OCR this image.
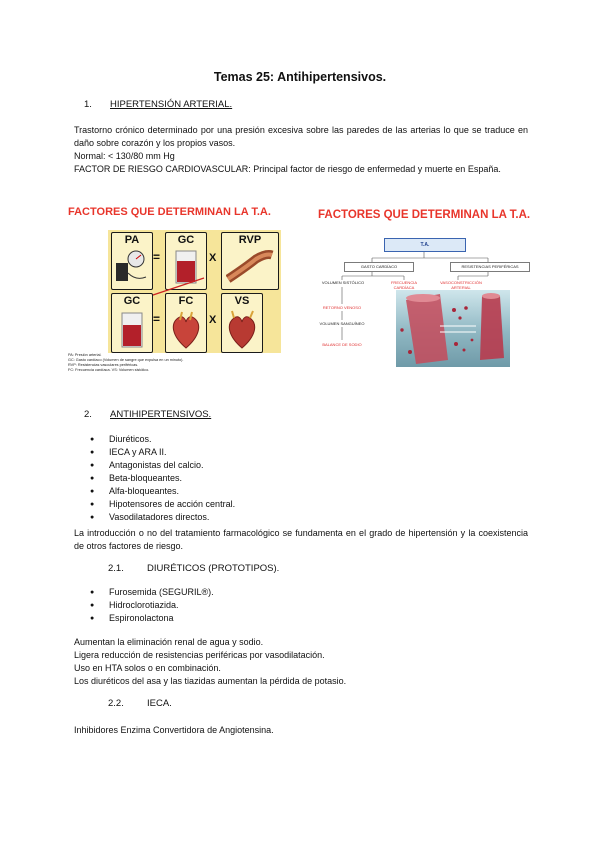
Temas 25: Antihipertensivos.
1. HIPERTENSIÓN ARTERIAL.
Trastorno crónico determinado por una presión excesiva sobre las paredes de las arterias lo que se traduce en daño sobre corazón y los propios vasos.
Normal: < 130/80 mm Hg
FACTOR DE RIESGO CARDIOVASCULAR: Principal factor de riesgo de enfermedad y muerte en España.
FACTORES QUE DETERMINAN LA T.A.
PA
=
GC
X
RVP
GC
=
FC
X
VS
PA: Presión arterial.
GC: Gasto cardíaco (Volumen de sangre que expulsa en un minuto).
RVP: Resistencias vasculares periféricas.
FC: Frecuencia cardíaca. VS: Volumen sistólico.
FACTORES QUE DETERMINAN LA T.A.
T.A.
GASTO CARDÍACO	RESISTENCIAS PERIFÉRICAS
VOLUMEN SISTÓLICO	FRECUENCIA CARDÍACA
VASOCONSTRICCIÓN ARTERIAL
RETORNO VENOSO
VOLUMEN SANGUÍNEO
BALANCE DE SODIO
2. ANTIHIPERTENSIVOS.
● Diuréticos.
● IECA y ARA II.
● Antagonistas del calcio.
● Beta-bloqueantes.
● Alfa-bloqueantes.
● Hipotensores de acción central.
● Vasodilatadores directos.
La introducción o no del tratamiento farmacológico se fundamenta en el grado de hipertensión y la coexistencia de otros factores de riesgo.
2.1. DIURÉTICOS (PROTOTIPOS).
● Furosemida (SEGURIL®).
● Hidroclorotiazida.
● Espironolactona
Aumentan la eliminación renal de agua y sodio.
Ligera reducción de resistencias periféricas por vasodilatación.
Uso en HTA solos o en combinación.
Los diuréticos del asa y las tiazidas aumentan la pérdida de potasio.
2.2. IECA.
Inhibidores Enzima Convertidora de Angiotensina.
